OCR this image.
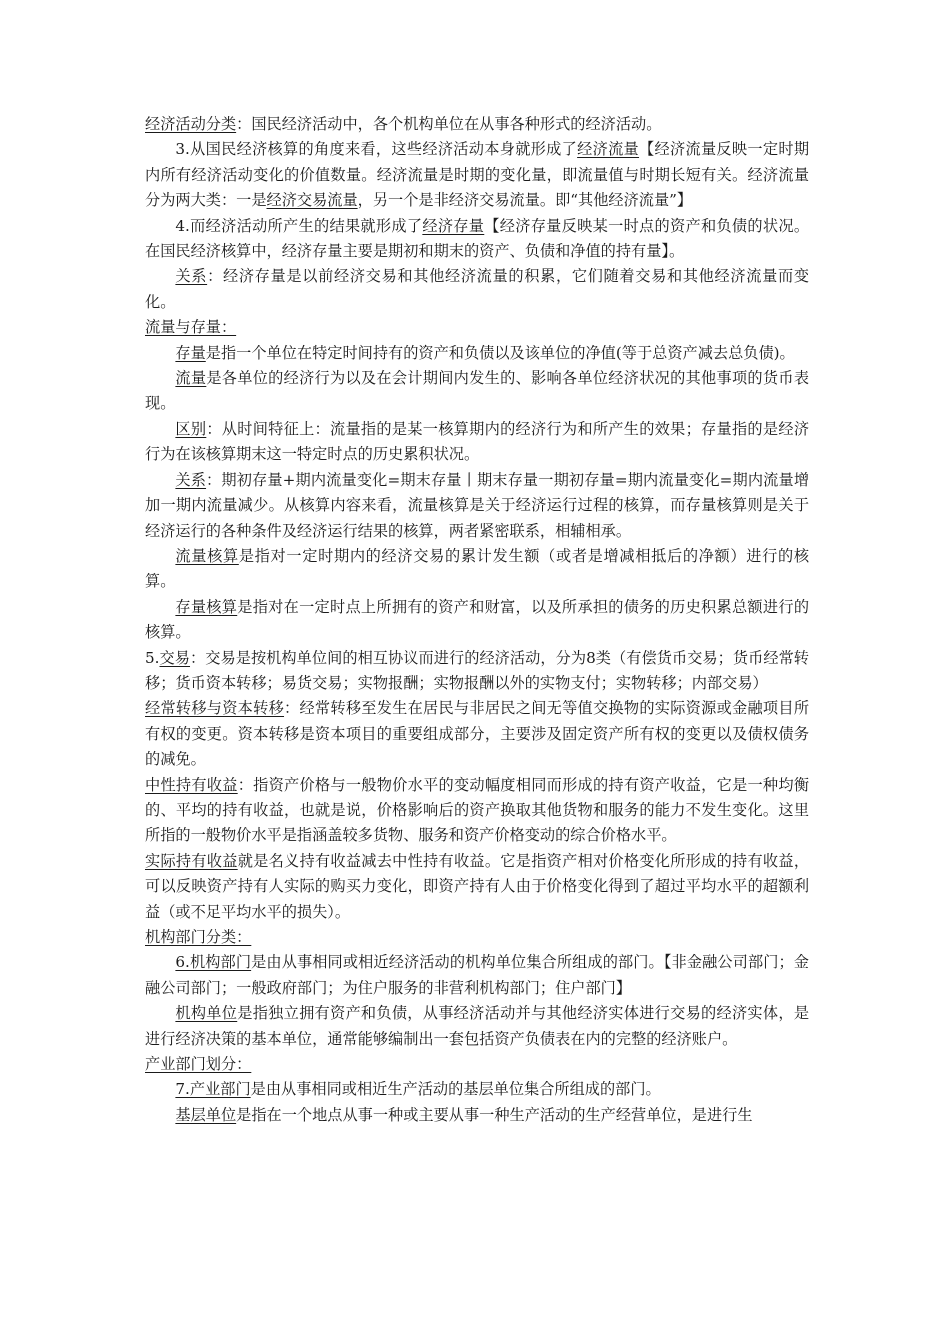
经济活动分类：国民经济活动中，各个机构单位在从事各种形式的经济活动。

3.从国民经济核算的角度来看，这些经济活动本身就形成了经济流量【经济流量反映一定时期内所有经济活动变化的价值数量。经济流量是时期的变化量，即流量值与时期长短有关。经济流量分为两大类：一是经济交易流量，另一个是非经济交易流量。即“其他经济流量”】

4.而经济活动所产生的结果就形成了经济存量【经济存量反映某一时点的资产和负债的状况。在国民经济核算中，经济存量主要是期初和期末的资产、负债和净值的持有量】。

关系：经济存量是以前经济交易和其他经济流量的积累，它们随着交易和其他经济流量而变化。

流量与存量：

存量是指一个单位在特定时间持有的资产和负债以及该单位的净值(等于总资产减去总负债)。

流量是各单位的经济行为以及在会计期间内发生的、影响各单位经济状况的其他事项的货币表现。

区别：从时间特征上：流量指的是某一核算期内的经济行为和所产生的效果；存量指的是经济行为在该核算期末这一特定时点的历史累积状况。

关系：期初存量+期内流量变化=期末存量丨期末存量一期初存量=期内流量变化=期内流量增加一期内流量减少。从核算内容来看，流量核算是关于经济运行过程的核算，而存量核算则是关于经济运行的各种条件及经济运行结果的核算，两者紧密联系，相辅相承。

流量核算是指对一定时期内的经济交易的累计发生额（或者是增减相抵后的净额）进行的核算。

存量核算是指对在一定时点上所拥有的资产和财富，以及所承担的债务的历史积累总额进行的核算。

5.交易：交易是按机构单位间的相互协议而进行的经济活动，分为8类（有偿货币交易；货币经常转移；货币资本转移；易货交易；实物报酬；实物报酬以外的实物支付；实物转移；内部交易）

经常转移与资本转移：经常转移至发生在居民与非居民之间无等值交换物的实际资源或金融项目所有权的变更。资本转移是资本项目的重要组成部分，主要涉及固定资产所有权的变更以及债权债务的减免。

中性持有收益：指资产价格与一般物价水平的变动幅度相同而形成的持有资产收益，它是一种均衡的、平均的持有收益，也就是说，价格影响后的资产换取其他货物和服务的能力不发生变化。这里所指的一般物价水平是指涵盖较多货物、服务和资产价格变动的综合价格水平。

实际持有收益就是名义持有收益减去中性持有收益。它是指资产相对价格变化所形成的持有收益，可以反映资产持有人实际的购买力变化，即资产持有人由于价格变化得到了超过平均水平的超额利益（或不足平均水平的损失）。

机构部门分类：

6.机构部门是由从事相同或相近经济活动的机构单位集合所组成的部门。【非金融公司部门；金融公司部门；一般政府部门；为住户服务的非营利机构部门；住户部门】

机构单位是指独立拥有资产和负债，从事经济活动并与其他经济实体进行交易的经济实体，是进行经济决策的基本单位，通常能够编制出一套包括资产负债表在内的完整的经济账户。

产业部门划分：

7.产业部门是由从事相同或相近生产活动的基层单位集合所组成的部门。

基层单位是指在一个地点从事一种或主要从事一种生产活动的生产经营单位，是进行生
